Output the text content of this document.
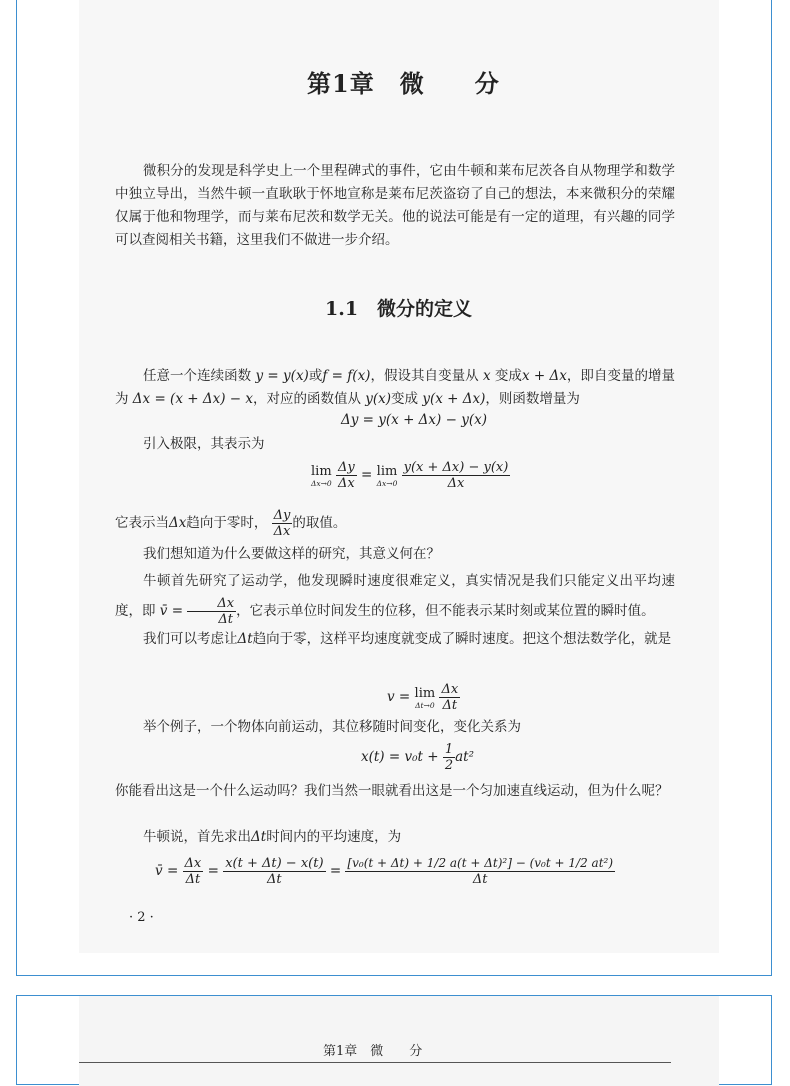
第1章　微　　分
微积分的发现是科学史上一个里程碑式的事件，它由牛顿和莱布尼茨各自从物理学和数学中独立导出，当然牛顿一直耿耿于怀地宣称是莱布尼茨盗窃了自己的想法，本来微积分的荣耀仅属于他和物理学，而与莱布尼茨和数学无关。他的说法可能是有一定的道理，有兴趣的同学可以查阅相关书籍，这里我们不做进一步介绍。
1.1　微分的定义
任意一个连续函数 y = y(x)或f = f(x)，假设其自变量从 x 变成x + Δx，即自变量的增量为 Δx = (x + Δx) − x，对应的函数值从 y(x)变成 y(x + Δx)，则函数增量为
Δy = y(x + Δx) − y(x)
引入极限，其表示为
lim
Δx→0
$\frac{\Delta y}{\Delta x} = \lim$
Δx→0
$\frac{y(x + \Delta x) - y(x)}{\Delta x}$
它表示当Δx趋向于零时， $\frac{\Delta y}{\Delta x}$ 的取值。
我们想知道为什么要做这样的研究，其意义何在？
牛顿首先研究了运动学，他发现瞬时速度很难定义，真实情况是我们只能定义出平均速度，即 v̄ = $\frac{\Delta x}{\Delta t}$ ，它表示单位时间发生的位移，但不能表示某时刻或某位置的瞬时值。
我们可以考虑让Δt趋向于零，这样平均速度就变成了瞬时速度。把这个想法数学化，就是
v = lim
Δt→0
$\frac{\Delta x}{\Delta t}$
举个例子，一个物体向前运动，其位移随时间变化，变化关系为
$x(t) = v_0t + \frac{1}{2} at^2$
你能看出这是一个什么运动吗？我们当然一眼就看出这是一个匀加速直线运动，但为什么呢？
牛顿说，首先求出Δt时间内的平均速度，为
v̄ = $\frac{\Delta x}{\Delta t} = \frac{x(t + \Delta t) - x(t)}{\Delta t} = \frac{\text{[v₀(t + Δt) + 1/2 a(t + Δt)²] − (v₀t + 1/2 at²)}}{\Delta t}$
· 2 ·
第1章　微　　分
